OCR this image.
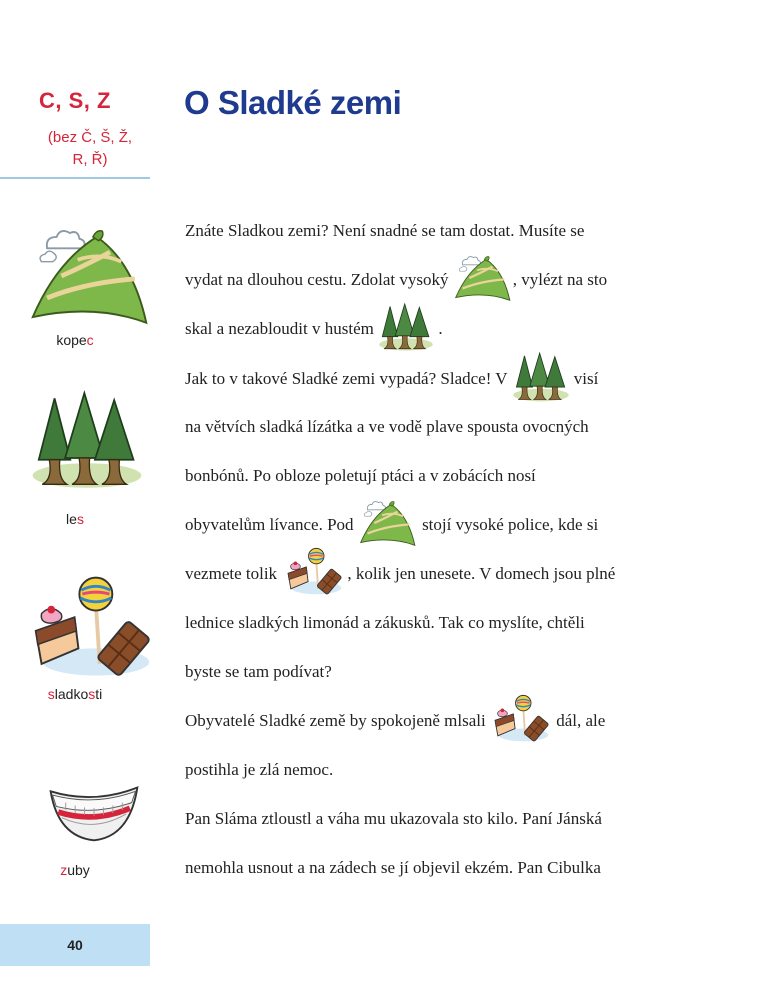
C, S, Z
(bez Č, Š, Ž,
R, Ř)
kopec
les
sladkosti
zuby
40
O Sladké zemi
Znáte Sladkou zemi? Není snadné se tam dostat. Musíte se
vydat na dlouhou cestu. Zdolat vysoký	, vylézt na sto
skal a nezabloudit v hustém	.
Jak to v takové Sladké zemi vypadá? Sladce! V	visí
na větvích sladká lízátka a ve vodě plave spousta ovocných
bonbónů. Po obloze poletují ptáci a v zobácích nosí
obyvatelům lívance. Pod	stojí vysoké police, kde si
vezmete tolik	, kolik jen unesete. V domech jsou plné
lednice sladkých limonád a zákusků. Tak co myslíte, chtěli
byste se tam podívat?
Obyvatelé Sladké země by spokojeně mlsali	dál, ale
postihla je zlá nemoc.
Pan Sláma ztloustl a váha mu ukazovala sto kilo. Paní Jánská
nemohla usnout a na zádech se jí objevil ekzém. Pan Cibulka
